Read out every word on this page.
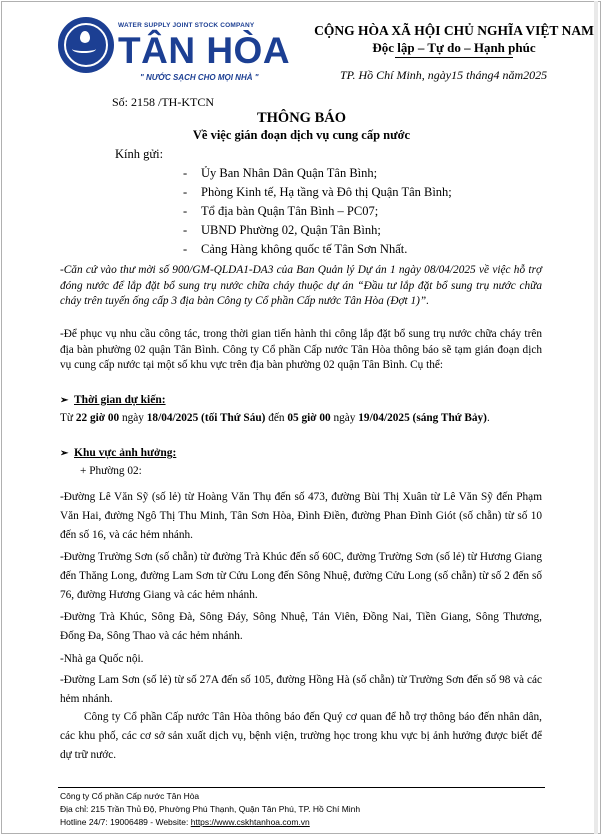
WATER SUPPLY JOINT STOCK COMPANY
TÂN HÒA
" NƯỚC SẠCH CHO MỌI NHÀ "
CỘNG HÒA XÃ HỘI CHỦ NGHĨA VIỆT NAM
Độc lập – Tự do – Hạnh phúc
TP. Hồ Chí Minh, ngày15 tháng4 năm2025
Số: 2158 /TH-KTCN
THÔNG BÁO
Về việc gián đoạn dịch vụ cung cấp nước
Kính gửi:
- Ủy Ban Nhân Dân Quận Tân Bình;
- Phòng Kinh tế, Hạ tầng và Đô thị Quận Tân Bình;
- Tổ địa bàn Quận Tân Bình – PC07;
- UBND Phường 02, Quận Tân Bình;
- Cảng Hàng không quốc tế Tân Sơn Nhất.
-Căn cứ vào thư mời số 900/GM-QLDA1-DA3 của Ban Quản lý Dự án 1 ngày 08/04/2025 về việc hỗ trợ đóng nước để lắp đặt bổ sung trụ nước chữa cháy thuộc dự án “Đầu tư lắp đặt bổ sung trụ nước chữa cháy trên tuyến ống cấp 3 địa bàn Công ty Cổ phần Cấp nước Tân Hòa (Đợt 1)”.
-Để phục vụ nhu cầu công tác, trong thời gian tiến hành thi công lắp đặt bổ sung trụ nước chữa cháy trên địa bàn phường 02 quận Tân Bình. Công ty Cổ phần Cấp nước Tân Hòa thông báo sẽ tạm gián đoạn dịch vụ cung cấp nước tại một số khu vực trên địa bàn phường 02 quận Tân Bình. Cụ thể:
➢ Thời gian dự kiến:
Từ 22 giờ 00 ngày 18/04/2025 (tối Thứ Sáu) đến 05 giờ 00 ngày 19/04/2025 (sáng Thứ Bảy).
➢ Khu vực ảnh hưởng:
+ Phường 02:
-Đường Lê Văn Sỹ (số lẻ) từ Hoàng Văn Thụ đến số 473, đường Bùi Thị Xuân từ Lê Văn Sỹ đến Phạm Văn Hai, đường Ngô Thị Thu Minh, Tân Sơn Hòa, Đình Điền, đường Phan Đình Giót (số chẵn) từ số 10 đến số 16, và các hẻm nhánh.
-Đường Trường Sơn (số chẵn) từ đường Trà Khúc đến số 60C, đường Trường Sơn (số lẻ) từ Hương Giang đến Thăng Long, đường Lam Sơn từ Cửu Long đến Sông Nhuệ, đường Cửu Long (số chẵn) từ số 2 đến số 76, đường Hương Giang và các hẻm nhánh.
-Đường Trà Khúc, Sông Đà, Sông Đáy, Sông Nhuệ, Tản Viên, Đồng Nai, Tiền Giang, Sông Thương, Đống Đa, Sông Thao và các hẻm nhánh.
-Nhà ga Quốc nội.
-Đường Lam Sơn (số lẻ) từ số 27A đến số 105, đường Hồng Hà (số chẵn) từ Trường Sơn đến số 98 và các hẻm nhánh.
Công ty Cổ phần Cấp nước Tân Hòa thông báo đến Quý cơ quan để hỗ trợ thông báo đến nhân dân, các khu phố, các cơ sở sản xuất dịch vụ, bệnh viện, trường học trong khu vực bị ảnh hưởng được biết để dự trữ nước.
Công ty Cổ phần Cấp nước Tân Hòa
Địa chỉ: 215 Trần Thủ Độ, Phường Phú Thạnh, Quận Tân Phú, TP. Hồ Chí Minh
Hotline 24/7: 19006489 - Website: https://www.cskhtanhoa.com.vn
